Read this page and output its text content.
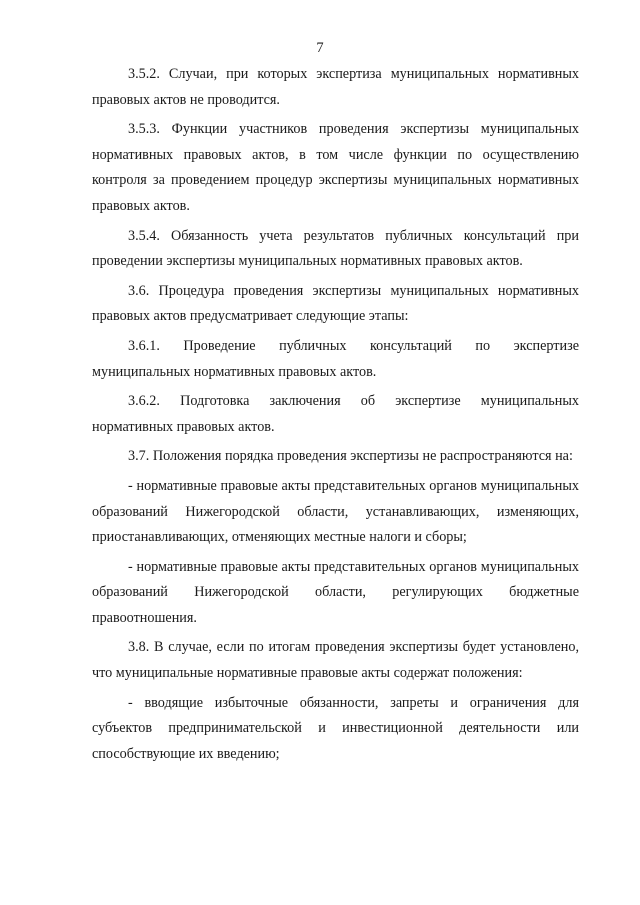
7

3.5.2. Случаи, при которых экспертиза муниципальных нормативных правовых актов не проводится.

3.5.3. Функции участников проведения экспертизы муниципальных нормативных правовых актов, в том числе функции по осуществлению контроля за проведением процедур экспертизы муниципальных нормативных правовых актов.

3.5.4. Обязанность учета результатов публичных консультаций при проведении экспертизы муниципальных нормативных правовых актов.

3.6. Процедура проведения экспертизы муниципальных нормативных правовых актов предусматривает следующие этапы:

3.6.1. Проведение публичных консультаций по экспертизе муниципальных нормативных правовых актов.

3.6.2. Подготовка заключения об экспертизе муниципальных нормативных правовых актов.

3.7. Положения порядка проведения экспертизы не распространяются на:

- нормативные правовые акты представительных органов муниципальных образований Нижегородской области, устанавливающих, изменяющих, приостанавливающих, отменяющих местные налоги и сборы;

- нормативные правовые акты представительных органов муниципальных образований Нижегородской области, регулирующих бюджетные правоотношения.

3.8. В случае, если по итогам проведения экспертизы будет установлено, что муниципальные нормативные правовые акты содержат положения:

- вводящие избыточные обязанности, запреты и ограничения для субъектов предпринимательской и инвестиционной деятельности или способствующие их введению;
